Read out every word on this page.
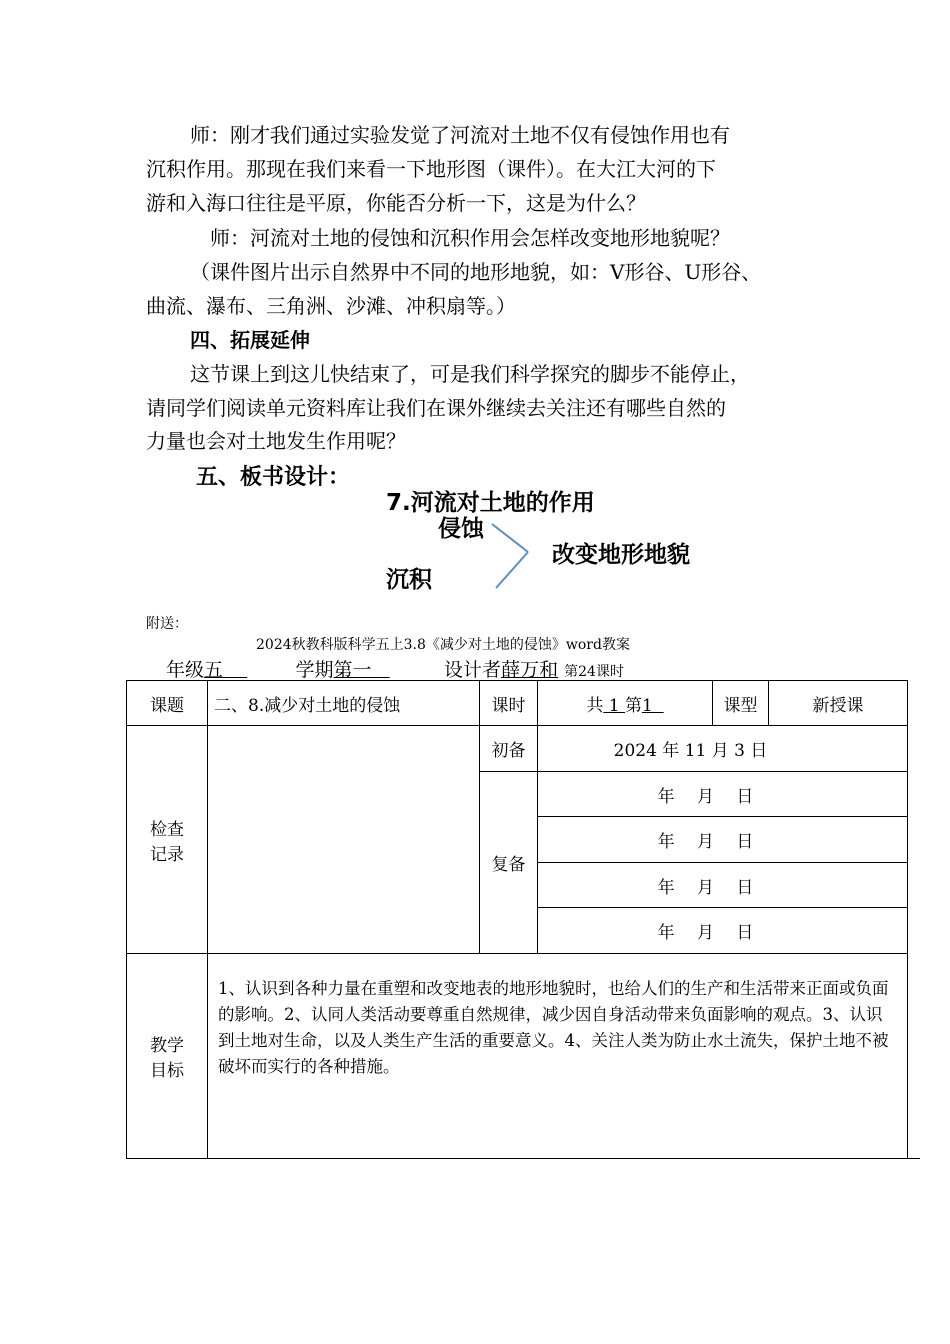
师：刚才我们通过实验发觉了河流对土地不仅有侵蚀作用也有
沉积作用。那现在我们来看一下地形图（课件）。在大江大河的下
游和入海口往往是平原，你能否分析一下，这是为什么？
师：河流对土地的侵蚀和沉积作用会怎样改变地形地貌呢？
（课件图片出示自然界中不同的地形地貌，如：V形谷、U形谷、
曲流、瀑布、三角洲、沙滩、冲积扇等。）
四、拓展延伸
这节课上到这儿快结束了，可是我们科学探究的脚步不能停止，
请同学们阅读单元资料库让我们在课外继续去关注还有哪些自然的
力量也会对土地发生作用呢？
五、板书设计：
7.河流对土地的作用
侵蚀
改变地形地貌
沉积
附送：
2024秋教科版科学五上3.8《减少对土地的侵蚀》word教案
年级五	学期第一	设计者薛万和 第24课时
课题	二、8.减少对土地的侵蚀	课时	共 1 第1	课型	新授课
检查
记录		初备	2024 年 11 月 3 日		
		复备	年　 月　 日		
			年　 月　 日		
			年　 月　 日		
			年　 月　 日		
教学
目标	1、认识到各种力量在重塑和改变地表的地形地貌时，也给人们的生产和生活带来正面或负面的影响。2、认同人类活动要尊重自然规律，减少因自身活动带来负面影响的观点。3、认识到土地对生命，以及人类生产生活的重要意义。4、关注人类为防止水土流失，保护土地不被破坏而实行的各种措施。				
